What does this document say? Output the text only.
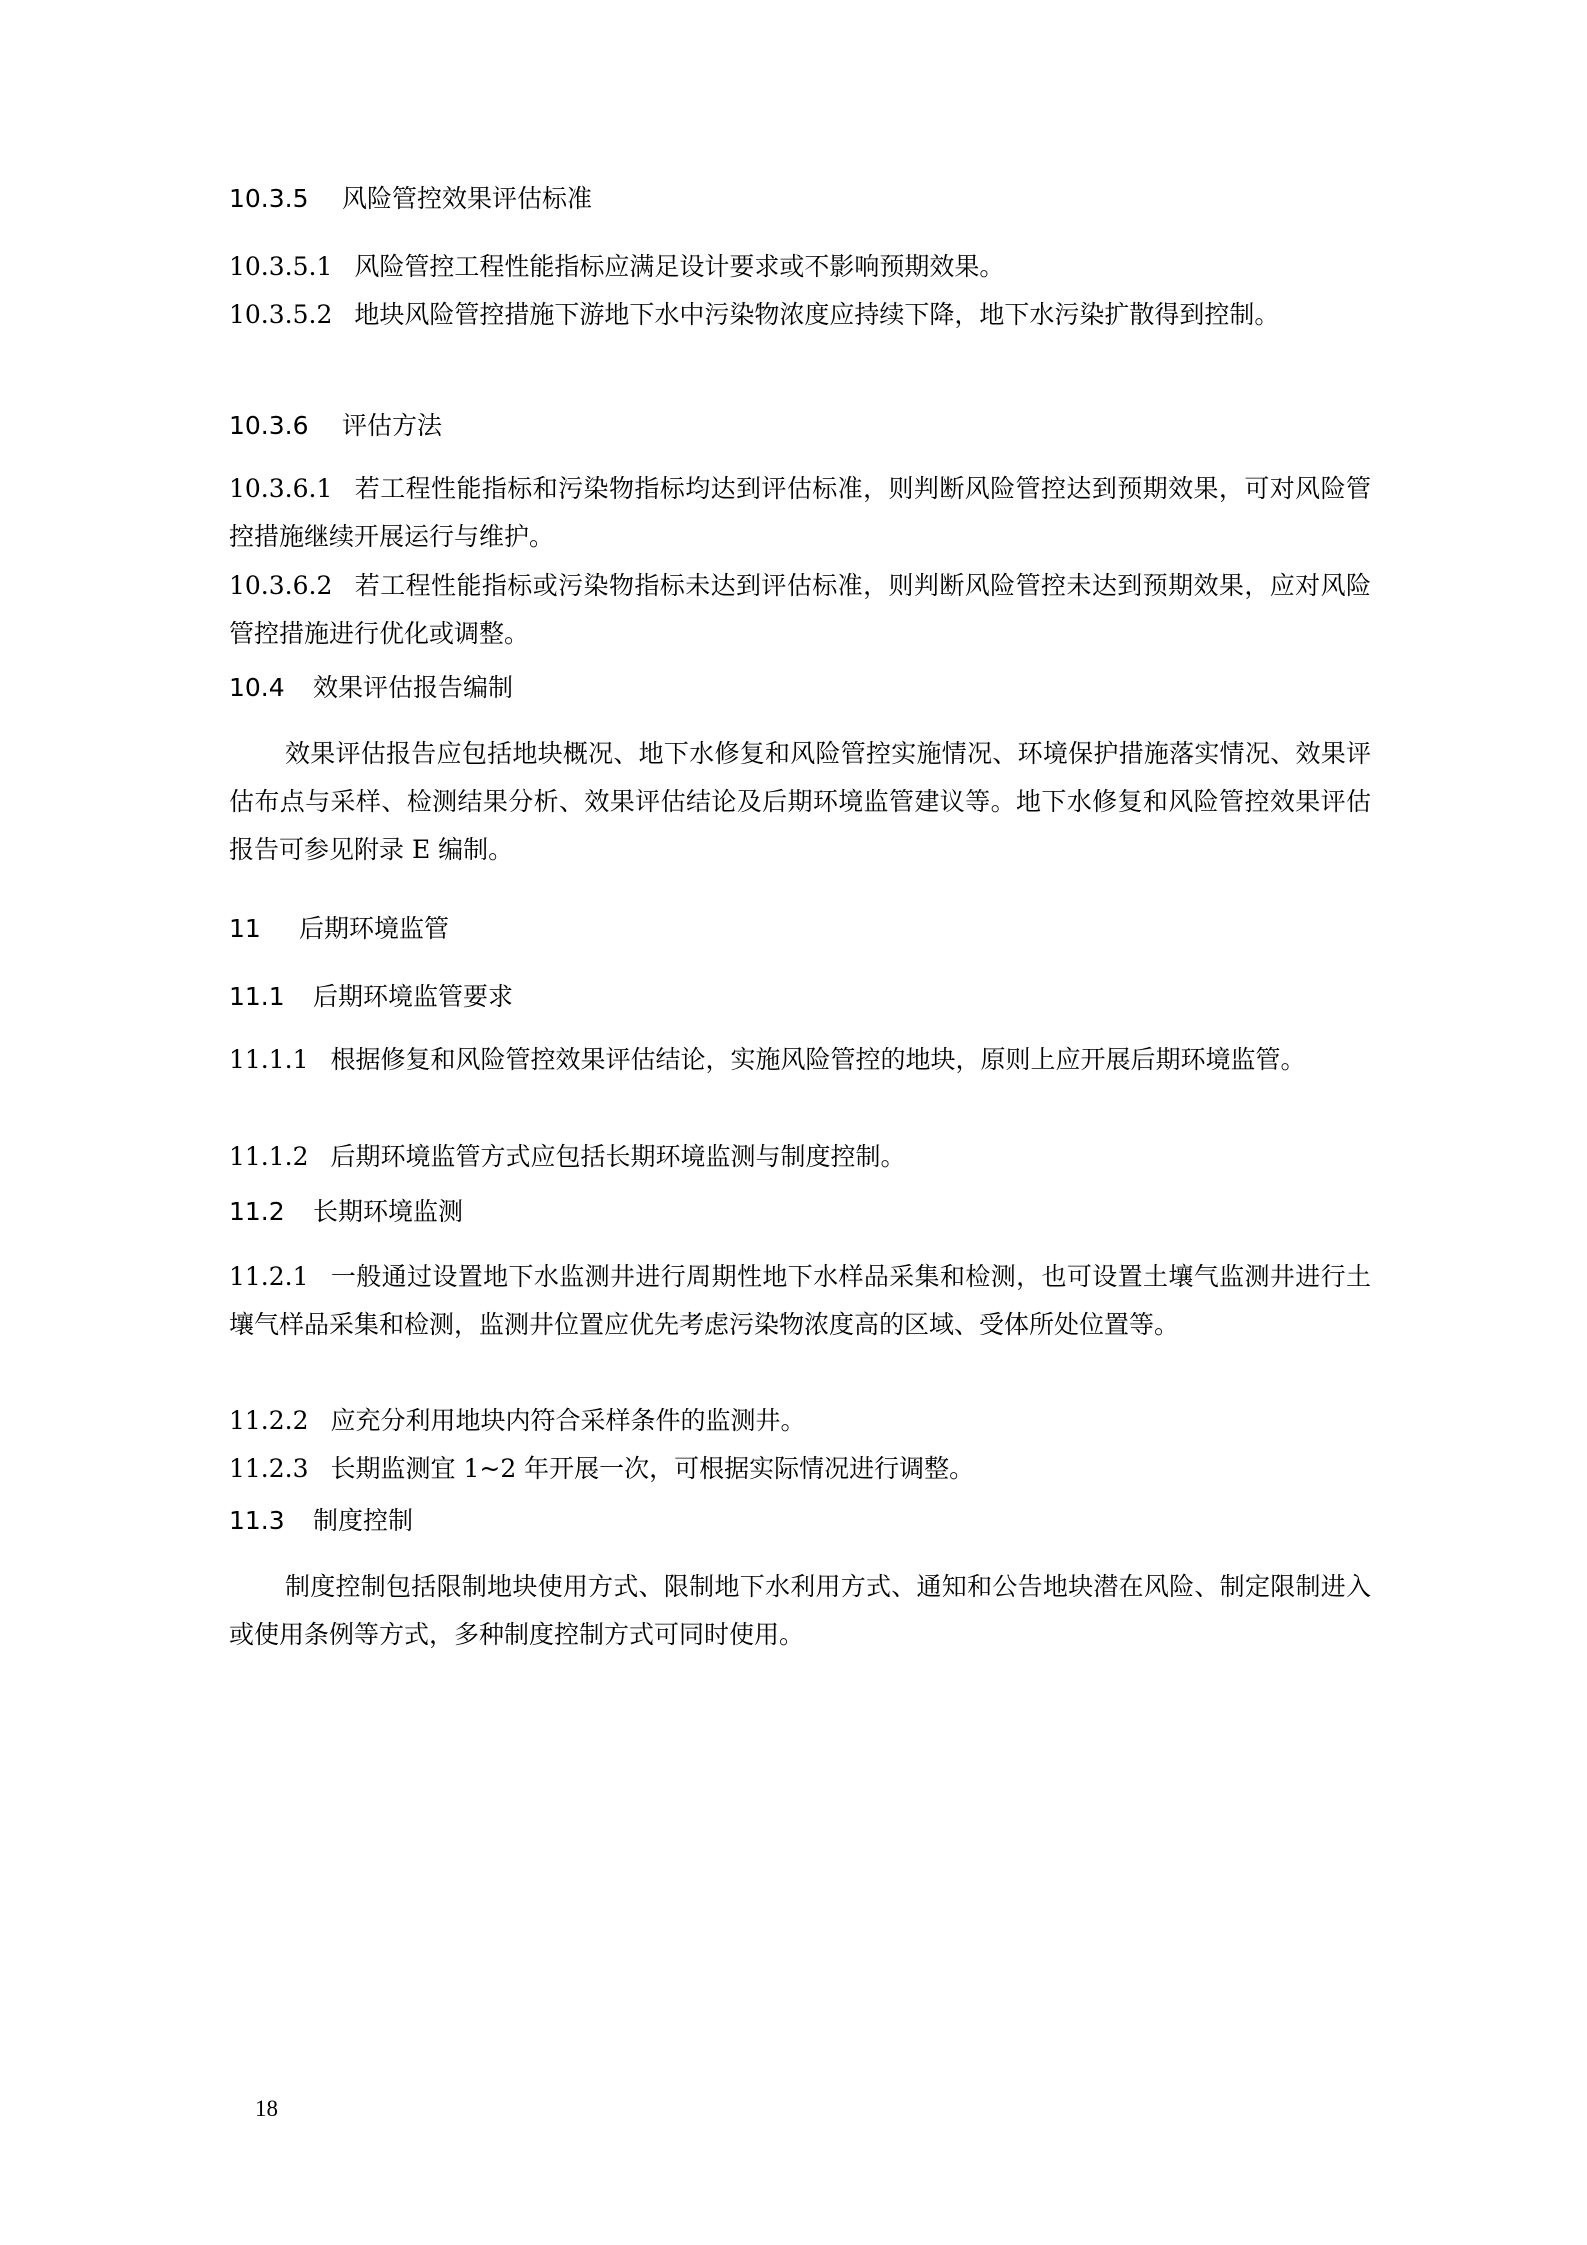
10.3.5 风险管控效果评估标准
10.3.5.1 风险管控工程性能指标应满足设计要求或不影响预期效果。
10.3.5.2 地块风险管控措施下游地下水中污染物浓度应持续下降，地下水污染扩散得到控制。
10.3.6 评估方法
10.3.6.1 若工程性能指标和污染物指标均达到评估标准，则判断风险管控达到预期效果，可对风险管控措施继续开展运行与维护。
10.3.6.2 若工程性能指标或污染物指标未达到评估标准，则判断风险管控未达到预期效果，应对风险管控措施进行优化或调整。
10.4 效果评估报告编制
效果评估报告应包括地块概况、地下水修复和风险管控实施情况、环境保护措施落实情况、效果评估布点与采样、检测结果分析、效果评估结论及后期环境监管建议等。地下水修复和风险管控效果评估报告可参见附录 E 编制。
11 后期环境监管
11.1 后期环境监管要求
11.1.1 根据修复和风险管控效果评估结论，实施风险管控的地块，原则上应开展后期环境监管。
11.1.2 后期环境监管方式应包括长期环境监测与制度控制。
11.2 长期环境监测
11.2.1 一般通过设置地下水监测井进行周期性地下水样品采集和检测，也可设置土壤气监测井进行土壤气样品采集和检测，监测井位置应优先考虑污染物浓度高的区域、受体所处位置等。
11.2.2 应充分利用地块内符合采样条件的监测井。
11.2.3 长期监测宜 1~2 年开展一次，可根据实际情况进行调整。
11.3 制度控制
制度控制包括限制地块使用方式、限制地下水利用方式、通知和公告地块潜在风险、制定限制进入或使用条例等方式，多种制度控制方式可同时使用。
18
